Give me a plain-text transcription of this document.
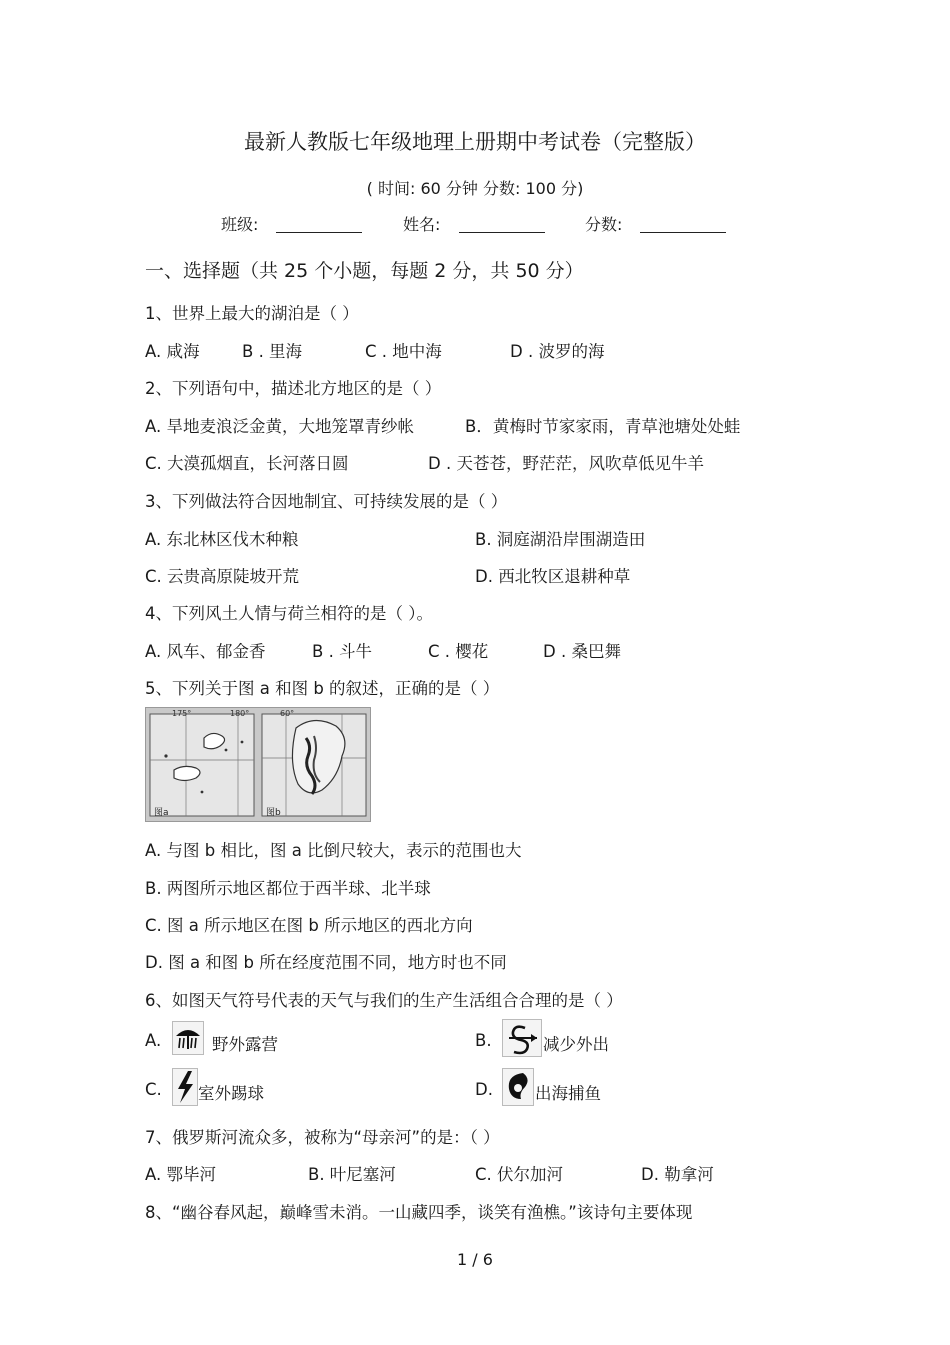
最新人教版七年级地理上册期中考试卷（完整版）
( 时间: 60 分钟 分数: 100 分)
班级:	姓名:	分数:
一、选择题（共 25 个小题，每题 2 分，共 50 分）
1、世界上最大的湖泊是（ ）
A. 咸海	B . 里海	C . 地中海	D . 波罗的海
2、下列语句中，描述北方地区的是（ ）
A. 旱地麦浪泛金黄，大地笼罩青纱帐	B．黄梅时节家家雨，青草池塘处处蛙
C. 大漠孤烟直，长河落日圆	D . 天苍苍，野茫茫，风吹草低见牛羊
3、下列做法符合因地制宜、可持续发展的是（ ）
A. 东北林区伐木种粮	B. 洞庭湖沿岸围湖造田
C. 云贵高原陡坡开荒	D. 西北牧区退耕种草
4、下列风土人情与荷兰相符的是（ ）。
A. 风车、郁金香	B . 斗牛	C . 樱花	D . 桑巴舞
5、下列关于图 a 和图 b 的叙述，正确的是（ ）
175°	180°	60°
图a	图b
A. 与图 b 相比，图 a 比倒尺较大，表示的范围也大
B. 两图所示地区都位于西半球、北半球
C. 图 a 所示地区在图 b 所示地区的西北方向
D. 图 a 和图 b 所在经度范围不同，地方时也不同
6、如图天气符号代表的天气与我们的生产生活组合合理的是（ ）
A.	野外露营	B.	减少外出
C. 室外踢球	D.	出海捕鱼
7、俄罗斯河流众多，被称为“母亲河”的是：（ ）
A. 鄂毕河	B. 叶尼塞河	C. 伏尔加河	D. 勒拿河
8、“幽谷春风起，巅峰雪未消。一山藏四季，谈笑有渔樵。”该诗句主要体现
1 / 6
